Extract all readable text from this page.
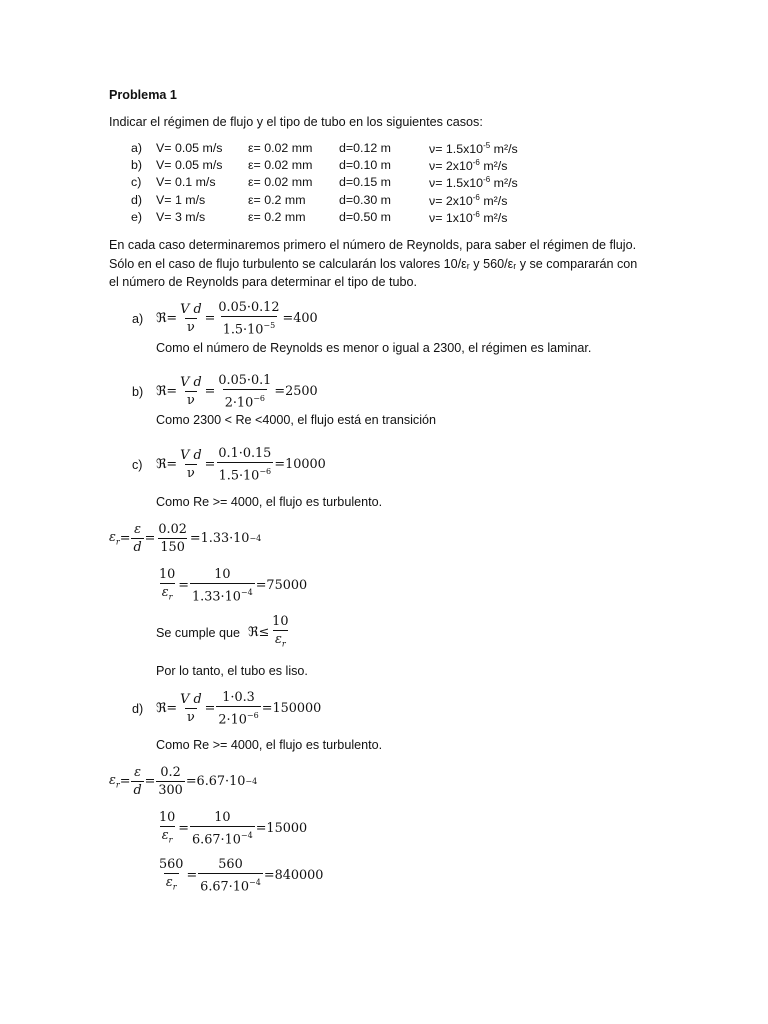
Problema 1
Indicar el régimen de flujo y el tipo de tubo en los siguientes casos:
a) V= 0.05 m/s ε= 0.02 mm d=0.12 m	$\nu= 1.5x10^{-5}$ m²/s
b) V= 0.05 m/s ε= 0.02 mm d=0.10 m	$\nu= 2x10^{-6}$ m²/s
c) V= 0.1 m/s	ε= 0.02 mm d=0.15 m	$\nu= 1.5x10^{-6}$ m²/s
d) V= 1 m/s	ε= 0.2 mm	d=0.30 m	$\nu= 2x10^{-6}$ m²/s
e) V= 3 m/s	ε= 0.2 mm	d=0.50 m	$\nu= 1x10^{-6}$ m²/s
En cada caso determinaremos primero el número de Reynolds, para saber el régimen de flujo.
Sólo en el caso de flujo turbulento se calcularán los valores 10/εᵣ y 560/εᵣ y se compararán con
el número de Reynolds para determinar el tipo de tubo.
a) ℜ = $\frac{\text{V d}}{\nu} = \frac{0.05\cdot 0.12}{1.5\cdot 10^{-5}} = 400$
Como el número de Reynolds es menor o igual a 2300, el régimen es laminar.
b) ℜ = $\frac{\text{V d}}{\nu} = \frac{0.05\cdot 0.1}{2\cdot 10^{-6}} = 2500$
Como 2300 < Re <4000, el flujo está en transición
c) ℜ = $\frac{\text{V d}}{\nu} = \frac{0.1\cdot 0.15}{1.5\cdot 10^{-6}} = 10000$
Como Re >= 4000, el flujo es turbulento.
$\varepsilon_r = \frac{\varepsilon}{d} = \frac{0.02}{150} = 1.33\cdot 10 -4$
$\frac{10}{\varepsilon_r} = \frac{10}{1.33\cdot 10^{-4}} = 75000$
Se cumple que ℜ ≤ $\frac{10}{\varepsilon_r}$
Por lo tanto, el tubo es liso.
d) ℜ = $\frac{\text{V d}}{\nu} = \frac{1\cdot 0.3}{2\cdot 10^{-6}} = 150000$
Como Re >= 4000, el flujo es turbulento.
$\varepsilon_r = \frac{\varepsilon}{d} = \frac{0.2}{300} = 6.67\cdot 10 -4$
$\frac{10}{\varepsilon_r} = \frac{10}{6.67\cdot 10^{-4}} = 15000$
$\frac{560}{\varepsilon_r} = \frac{560}{6.67\cdot 10^{-4}} = 840000$
